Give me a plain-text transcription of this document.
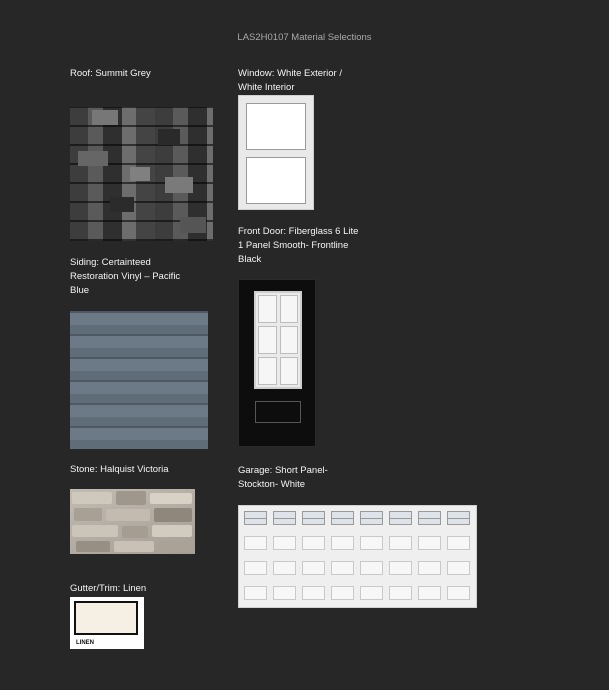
LAS2H0107 Material Selections
Roof: Summit Grey	Window: White Exterior /
White Interior
Front Door: Fiberglass 6 Lite
1 Panel Smooth- Frontline
Black
Siding: Certainteed
Restoration Vinyl – Pacific
Blue
Stone: Halquist Victoria	Garage: Short Panel-
Stockton- White
Gutter/Trim: Linen
LINEN
